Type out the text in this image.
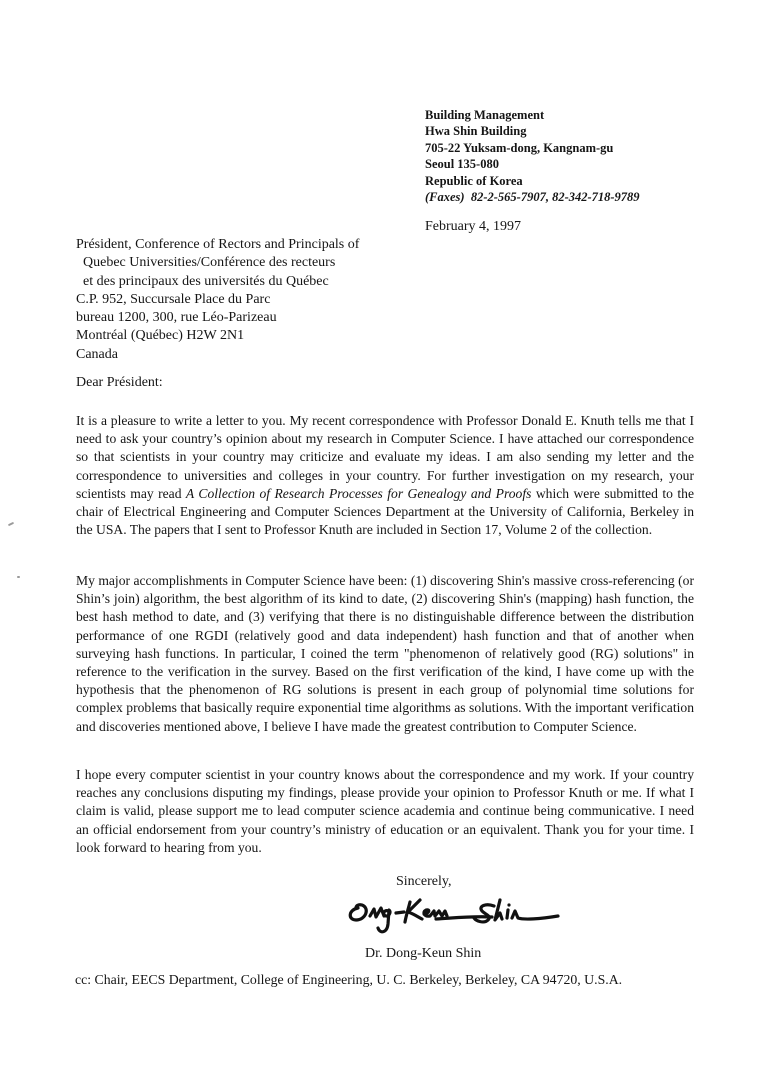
Building Management
Hwa Shin Building
705-22 Yuksam-dong, Kangnam-gu
Seoul 135-080
Republic of Korea
(Faxes) 82-2-565-7907, 82-342-718-9789
February 4, 1997
Président, Conference of Rectors and Principals of
Quebec Universities/Conférence des recteurs
et des principaux des universités du Québec
C.P. 952, Succursale Place du Parc
bureau 1200, 300, rue Léo-Parizeau
Montréal (Québec) H2W 2N1
Canada
Dear Président:
It is a pleasure to write a letter to you. My recent correspondence with Professor Donald E. Knuth tells me that I need to ask your country’s opinion about my research in Computer Science. I have attached our correspondence so that scientists in your country may criticize and evaluate my ideas. I am also sending my letter and the correspondence to universities and colleges in your country. For further investigation on my research, your scientists may read A Collection of Research Processes for Genealogy and Proofs which were submitted to the chair of Electrical Engineering and Computer Sciences Department at the University of California, Berkeley in the USA. The papers that I sent to Professor Knuth are included in Section 17, Volume 2 of the collection.
My major accomplishments in Computer Science have been: (1) discovering Shin's massive cross-referencing (or Shin’s join) algorithm, the best algorithm of its kind to date, (2) discovering Shin's (mapping) hash function, the best hash method to date, and (3) verifying that there is no distinguishable difference between the distribution performance of one RGDI (relatively good and data independent) hash function and that of another when surveying hash functions. In particular, I coined the term "phenomenon of relatively good (RG) solutions" in reference to the verification in the survey. Based on the first verification of the kind, I have come up with the hypothesis that the phenomenon of RG solutions is present in each group of polynomial time solutions for complex problems that basically require exponential time algorithms as solutions. With the important verification and discoveries mentioned above, I believe I have made the greatest contribution to Computer Science.
I hope every computer scientist in your country knows about the correspondence and my work. If your country reaches any conclusions disputing my findings, please provide your opinion to Professor Knuth or me. If what I claim is valid, please support me to lead computer science academia and continue being communicative. I need an official endorsement from your country’s ministry of education or an equivalent. Thank you for your time. I look forward to hearing from you.
Sincerely,
Dr. Dong-Keun Shin
cc: Chair, EECS Department, College of Engineering, U. C. Berkeley, Berkeley, CA 94720, U.S.A.
